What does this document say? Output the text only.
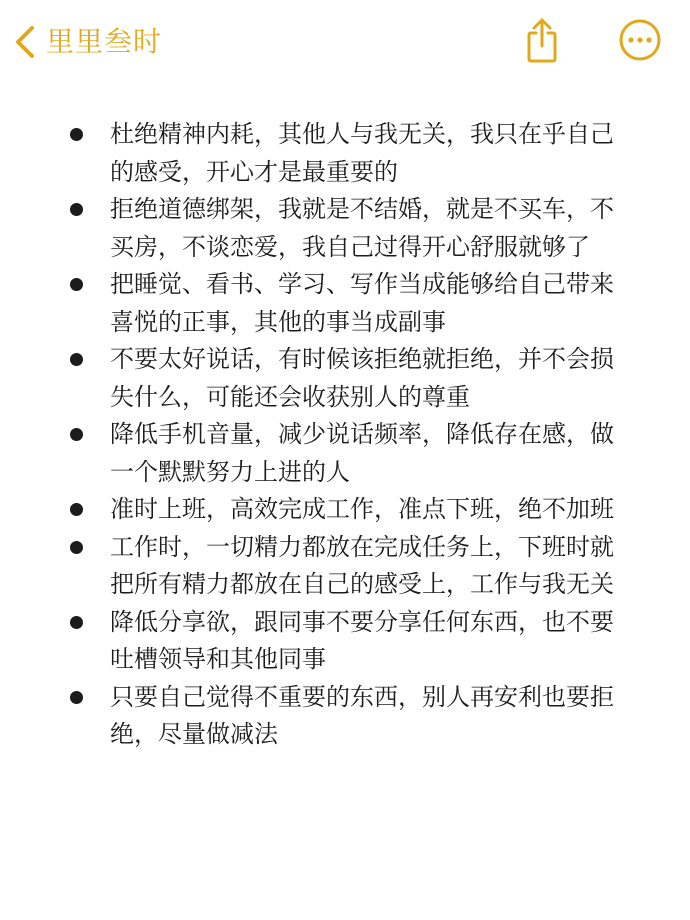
里里叁时
杜绝精神内耗，其他人与我无关，我只在乎自己的感受，开心才是最重要的
拒绝道德绑架，我就是不结婚，就是不买车，不买房，不谈恋爱，我自己过得开心舒服就够了
把睡觉、看书、学习、写作当成能够给自己带来喜悦的正事，其他的事当成副事
不要太好说话，有时候该拒绝就拒绝，并不会损失什么，可能还会收获别人的尊重
降低手机音量，减少说话频率，降低存在感，做一个默默努力上进的人
准时上班，高效完成工作，准点下班，绝不加班
工作时，一切精力都放在完成任务上，下班时就把所有精力都放在自己的感受上，工作与我无关
降低分享欲，跟同事不要分享任何东西，也不要吐槽领导和其他同事
只要自己觉得不重要的东西，别人再安利也要拒绝，尽量做减法
